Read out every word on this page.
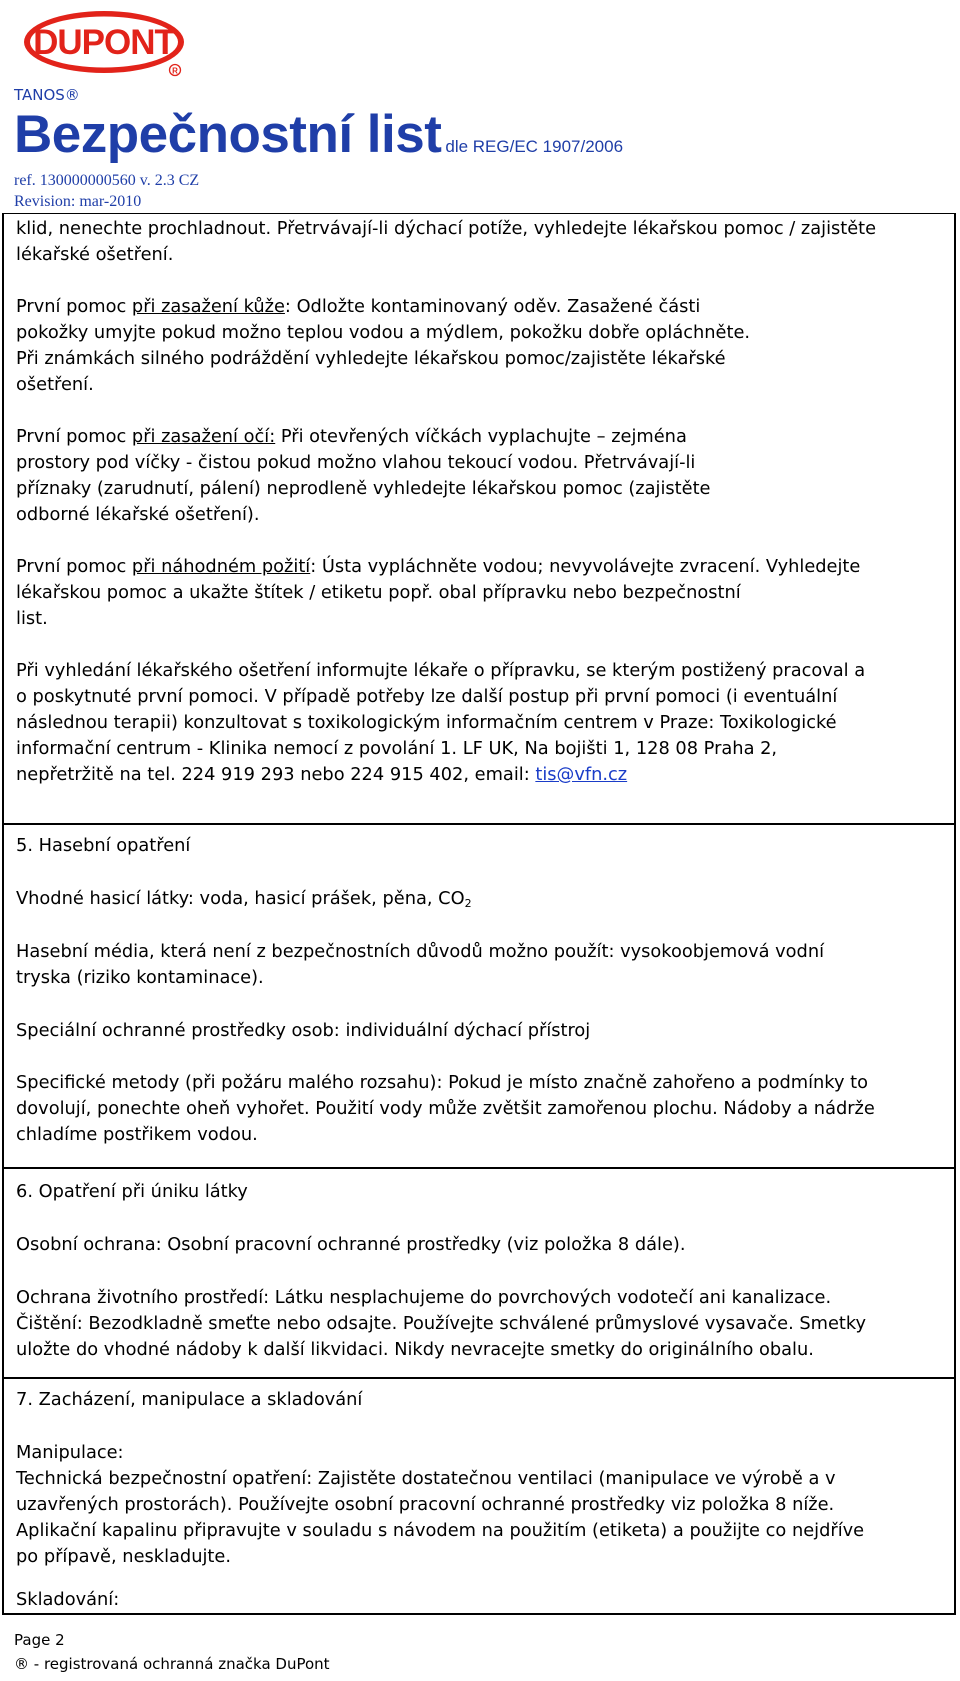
DUPONT
R
TANOS®
Bezpečnostní list dle REG/EC 1907/2006
ref. 130000000560 v. 2.3 CZ
Revision: mar-2010
klid, nenechte prochladnout. Přetrvávají-li dýchací potíže, vyhledejte lékařskou pomoc / zajistěte
lékařské ošetření.
První pomoc při zasažení kůže: Odložte kontaminovaný oděv. Zasažené části
pokožky umyjte pokud možno teplou vodou a mýdlem, pokožku dobře opláchněte.
Při známkách silného podráždění vyhledejte lékařskou pomoc/zajistěte lékařské
ošetření.
První pomoc při zasažení očí: Při otevřených víčkách vyplachujte – zejména
prostory pod víčky - čistou pokud možno vlahou tekoucí vodou. Přetrvávají-li
příznaky (zarudnutí, pálení) neprodleně vyhledejte lékařskou pomoc (zajistěte
odborné lékařské ošetření).
První pomoc při náhodném požití: Ústa vypláchněte vodou; nevyvolávejte zvracení. Vyhledejte
lékařskou pomoc a ukažte štítek / etiketu popř. obal přípravku nebo bezpečnostní
list.
Při vyhledání lékařského ošetření informujte lékaře o přípravku, se kterým postižený pracoval a
o poskytnuté první pomoci. V případě potřeby lze další postup při první pomoci (i eventuální
následnou terapii) konzultovat s toxikologickým informačním centrem v Praze: Toxikologické
informační centrum - Klinika nemocí z povolání 1. LF UK, Na bojišti 1, 128 08 Praha 2,
nepřetržitě na tel. 224 919 293 nebo 224 915 402, email: tis@vfn.cz
5. Hasební opatření
Vhodné hasicí látky: voda, hasicí prášek, pěna, $CO_2$
Hasební média, která není z bezpečnostních důvodů možno použít: vysokoobjemová vodní
tryska (riziko kontaminace).
Speciální ochranné prostředky osob: individuální dýchací přístroj
Specifické metody (při požáru malého rozsahu): Pokud je místo značně zahořeno a podmínky to
dovolují, ponechte oheň vyhořet. Použití vody může zvětšit zamořenou plochu. Nádoby a nádrže
chladíme postřikem vodou.
6. Opatření při úniku látky
Osobní ochrana: Osobní pracovní ochranné prostředky (viz položka 8 dále).
Ochrana životního prostředí: Látku nesplachujeme do povrchových vodotečí ani kanalizace.
Čištění: Bezodkladně smeťte nebo odsajte. Používejte schválené průmyslové vysavače. Smetky
uložte do vhodné nádoby k další likvidaci. Nikdy nevracejte smetky do originálního obalu.
7. Zacházení, manipulace a skladování
Manipulace:
Technická bezpečnostní opatření: Zajistěte dostatečnou ventilaci (manipulace ve výrobě a v
uzavřených prostorách). Používejte osobní pracovní ochranné prostředky viz položka 8 níže.
Aplikační kapalinu připravujte v souladu s návodem na použitím (etiketa) a použijte co nejdříve
po přípavě, neskladujte.
Skladování:
Page 2
® - registrovaná ochranná značka DuPont
